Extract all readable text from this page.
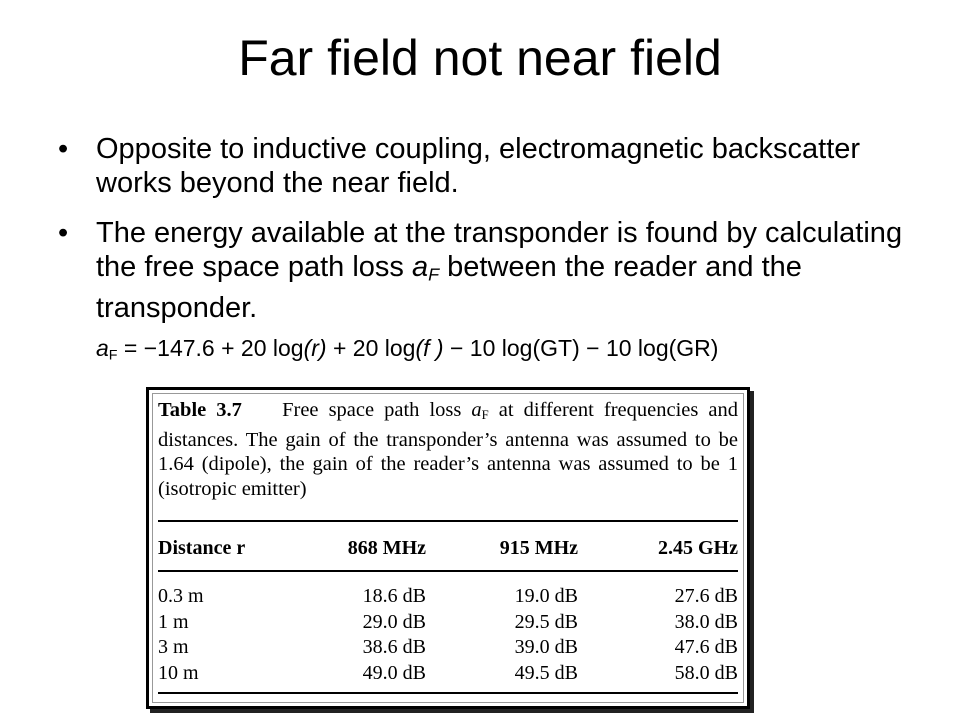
Far field not near field
• Opposite to inductive coupling, electromagnetic backscatter works beyond the near field.
• The energy available at the transponder is found by calculating the free space path loss $a_F$ between the reader and the transponder.
$a_F = -147.6 + 20$ log(r) + 20 log(f ) − 10 log(GT) − 10 log(GR)
Table 3.7 Free space path loss $a_F$ at different frequencies and distances. The gain of the transponder’s antenna was assumed to be 1.64 (dipole), the gain of the reader’s antenna was assumed to be 1 (isotropic emitter)
Distance r	868 MHz	915 MHz	2.45 GHz
0.3 m	18.6 dB	19.0 dB	27.6 dB
1 m	29.0 dB	29.5 dB	38.0 dB
3 m	38.6 dB	39.0 dB	47.6 dB
10 m	49.0 dB	49.5 dB	58.0 dB
